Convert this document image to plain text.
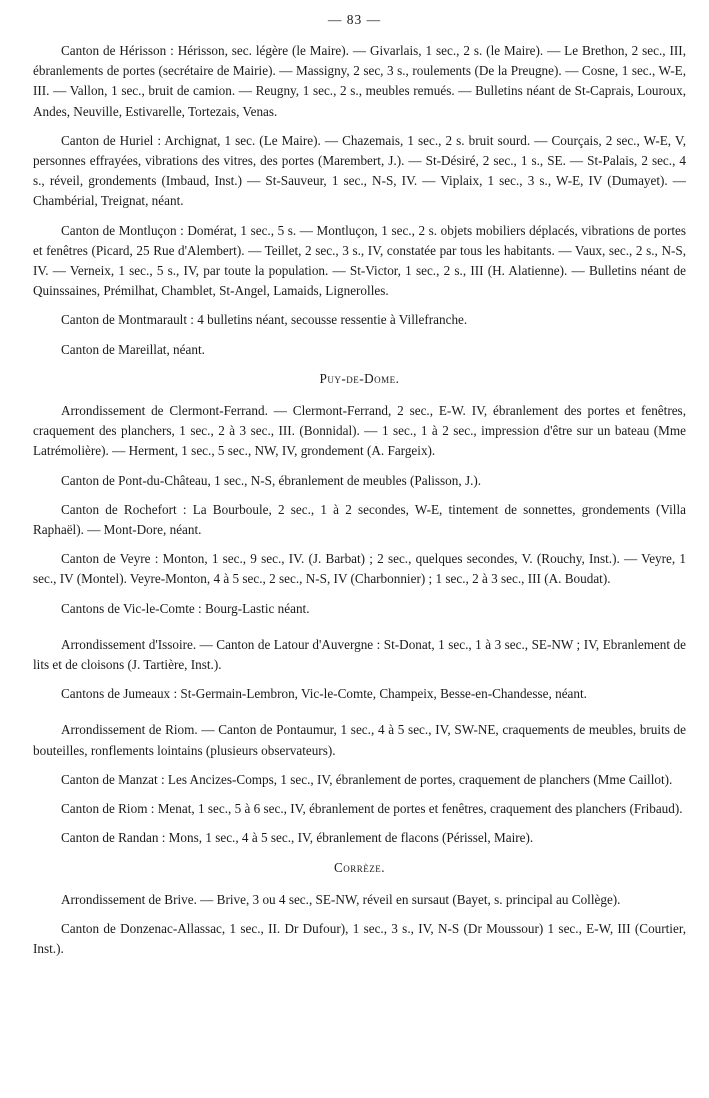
— 83 —

Canton de Hérisson : Hérisson, sec. légère (le Maire). — Givarlais, 1 sec., 2 s. (le Maire). — Le Brethon, 2 sec., III, ébranlements de portes (secrétaire de Mairie). — Massigny, 2 sec, 3 s., roulements (De la Preugne). — Cosne, 1 sec., W-E, III. — Vallon, 1 sec., bruit de camion. — Reugny, 1 sec., 2 s., meubles remués. — Bulletins néant de St-Caprais, Louroux, Andes, Neuville, Estivarelle, Tortezais, Venas.

Canton de Huriel : Archignat, 1 sec. (Le Maire). — Chazemais, 1 sec., 2 s. bruit sourd. — Courçais, 2 sec., W-E, V, personnes effrayées, vibrations des vitres, des portes (Marembert, J.). — St-Désiré, 2 sec., 1 s., SE. — St-Palais, 2 sec., 4 s., réveil, grondements (Imbaud, Inst.) — St-Sauveur, 1 sec., N-S, IV. — Viplaix, 1 sec., 3 s., W-E, IV (Dumayet). — Chambérial, Treignat, néant.

Canton de Montluçon : Domérat, 1 sec., 5 s. — Montluçon, 1 sec., 2 s. objets mobiliers déplacés, vibrations de portes et fenêtres (Picard, 25 Rue d'Alembert). — Teillet, 2 sec., 3 s., IV, constatée par tous les habitants. — Vaux, sec., 2 s., N-S, IV. — Verneix, 1 sec., 5 s., IV, par toute la population. — St-Victor, 1 sec., 2 s., III (H. Alatienne). — Bulletins néant de Quinssaines, Prémilhat, Chamblet, St-Angel, Lamaids, Lignerolles.

Canton de Montmarault : 4 bulletins néant, secousse ressentie à Villefranche.

Canton de Mareillat, néant.

Puy-de-Dome.

Arrondissement de Clermont-Ferrand. — Clermont-Ferrand, 2 sec., E-W. IV, ébranlement des portes et fenêtres, craquement des planchers, 1 sec., 2 à 3 sec., III. (Bonnidal). — 1 sec., 1 à 2 sec., impression d'être sur un bateau (Mme Latrémolière). — Herment, 1 sec., 5 sec., NW, IV, grondement (A. Fargeix).

Canton de Pont-du-Château, 1 sec., N-S, ébranlement de meubles (Palisson, J.).

Canton de Rochefort : La Bourboule, 2 sec., 1 à 2 secondes, W-E, tintement de sonnettes, grondements (Villa Raphaël). — Mont-Dore, néant.

Canton de Veyre : Monton, 1 sec., 9 sec., IV. (J. Barbat) ; 2 sec., quelques secondes, V. (Rouchy, Inst.). — Veyre, 1 sec., IV (Montel). Veyre-Monton, 4 à 5 sec., 2 sec., N-S, IV (Charbonnier) ; 1 sec., 2 à 3 sec., III (A. Boudat).

Cantons de Vic-le-Comte : Bourg-Lastic néant.

Arrondissement d'Issoire. — Canton de Latour d'Auvergne : St-Donat, 1 sec., 1 à 3 sec., SE-NW ; IV, Ebranlement de lits et de cloisons (J. Tartière, Inst.).

Cantons de Jumeaux : St-Germain-Lembron, Vic-le-Comte, Champeix, Besse-en-Chandesse, néant.

Arrondissement de Riom. — Canton de Pontaumur, 1 sec., 4 à 5 sec., IV, SW-NE, craquements de meubles, bruits de bouteilles, ronflements lointains (plusieurs observateurs).

Canton de Manzat : Les Ancizes-Comps, 1 sec., IV, ébranlement de portes, craquement de planchers (Mme Caillot).

Canton de Riom : Menat, 1 sec., 5 à 6 sec., IV, ébranlement de portes et fenêtres, craquement des planchers (Fribaud).

Canton de Randan : Mons, 1 sec., 4 à 5 sec., IV, ébranlement de flacons (Périssel, Maire).

Corrèze.

Arrondissement de Brive. — Brive, 3 ou 4 sec., SE-NW, réveil en sursaut (Bayet, s. principal au Collège).

Canton de Donzenac-Allassac, 1 sec., II. Dr Dufour), 1 sec., 3 s., IV, N-S (Dr Moussour) 1 sec., E-W, III (Courtier, Inst.).
